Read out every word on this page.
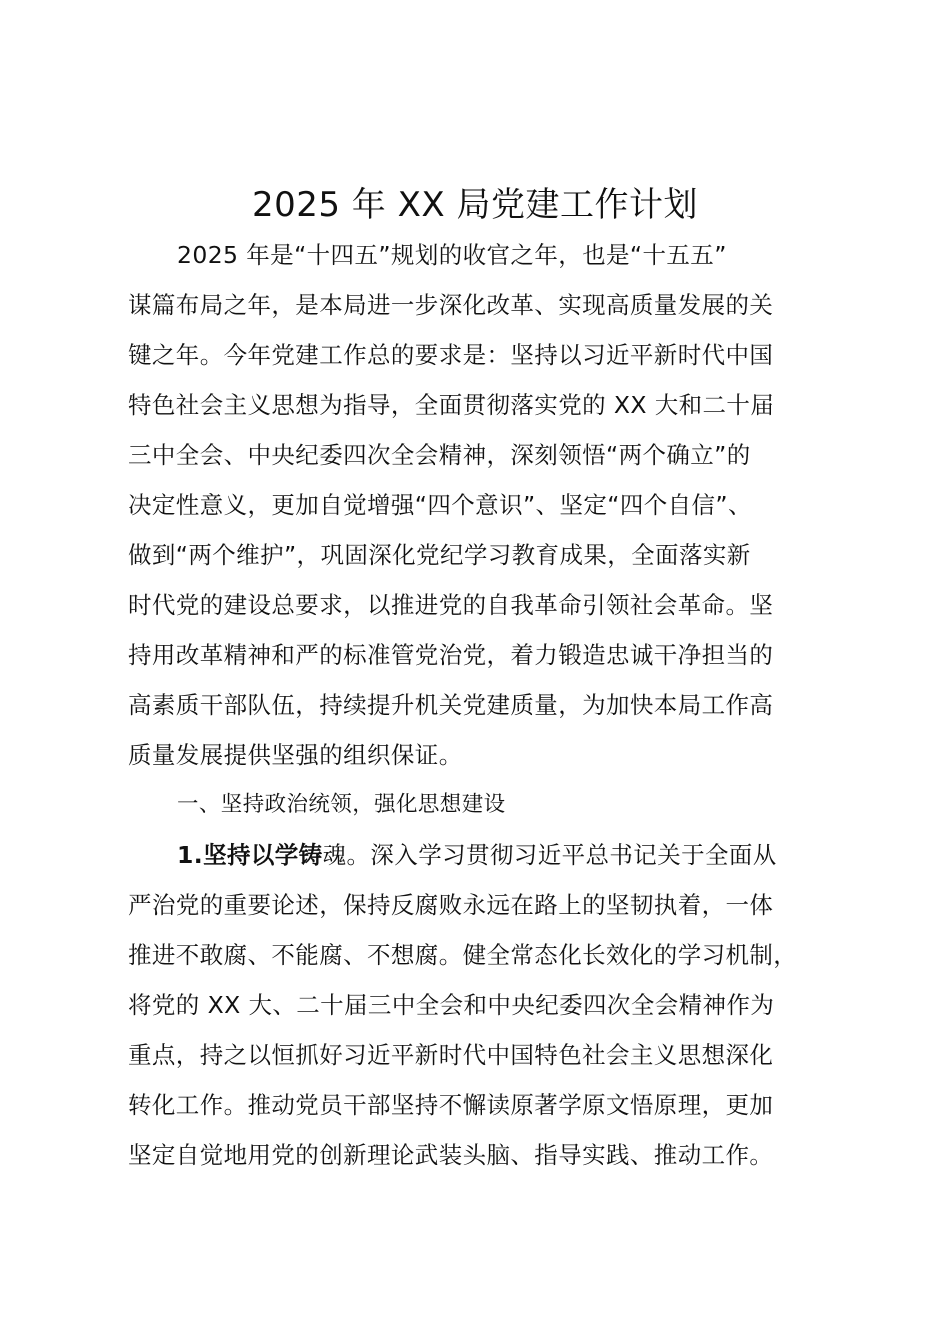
2025 年 XX 局党建工作计划
2025 年是“十四五”规划的收官之年，也是“十五五”
谋篇布局之年，是本局进一步深化改革、实现高质量发展的关
键之年。今年党建工作总的要求是：坚持以习近平新时代中国
特色社会主义思想为指导，全面贯彻落实党的 XX 大和二十届
三中全会、中央纪委四次全会精神，深刻领悟“两个确立”的
决定性意义，更加自觉增强“四个意识”、坚定“四个自信”、
做到“两个维护”，巩固深化党纪学习教育成果，全面落实新
时代党的建设总要求，以推进党的自我革命引领社会革命。坚
持用改革精神和严的标准管党治党，着力锻造忠诚干净担当的
高素质干部队伍，持续提升机关党建质量，为加快本局工作高
质量发展提供坚强的组织保证。
一、坚持政治统领，强化思想建设
1.坚持以学铸魂。深入学习贯彻习近平总书记关于全面从
严治党的重要论述，保持反腐败永远在路上的坚韧执着，一体
推进不敢腐、不能腐、不想腐。健全常态化长效化的学习机制，
将党的 XX 大、二十届三中全会和中央纪委四次全会精神作为
重点，持之以恒抓好习近平新时代中国特色社会主义思想深化
转化工作。推动党员干部坚持不懈读原著学原文悟原理，更加
坚定自觉地用党的创新理论武装头脑、指导实践、推动工作。
